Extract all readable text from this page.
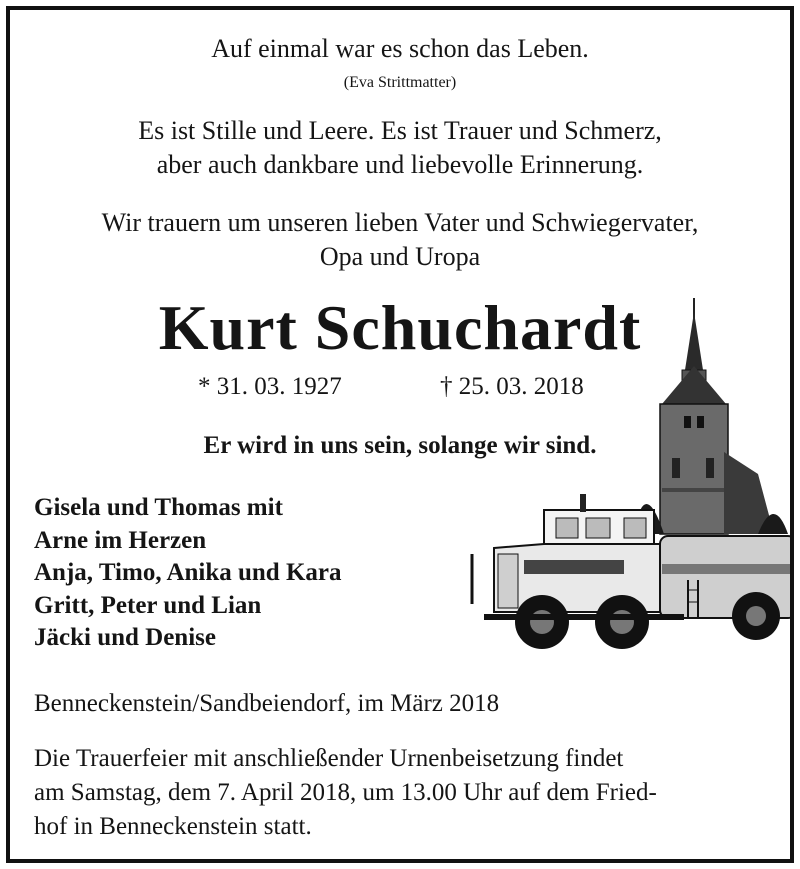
Auf einmal war es schon das Leben.
(Eva Strittmatter)
Es ist Stille und Leere. Es ist Trauer und Schmerz,
aber auch dankbare und liebevolle Erinnerung.
Wir trauern um unseren lieben Vater und Schwiegervater,
Opa und Uropa
Kurt Schuchardt
* 31. 03. 1927	† 25. 03. 2018
Er wird in uns sein, solange wir sind.
Gisela und Thomas mit
Arne im Herzen
Anja, Timo, Anika und Kara
Gritt, Peter und Lian
Jäcki und Denise
Benneckenstein/Sandbeiendorf, im März 2018
Die Trauerfeier mit anschließender Urnenbeisetzung findet
am Samstag, dem 7. April 2018, um 13.00 Uhr auf dem Fried-
hof in Benneckenstein statt.
